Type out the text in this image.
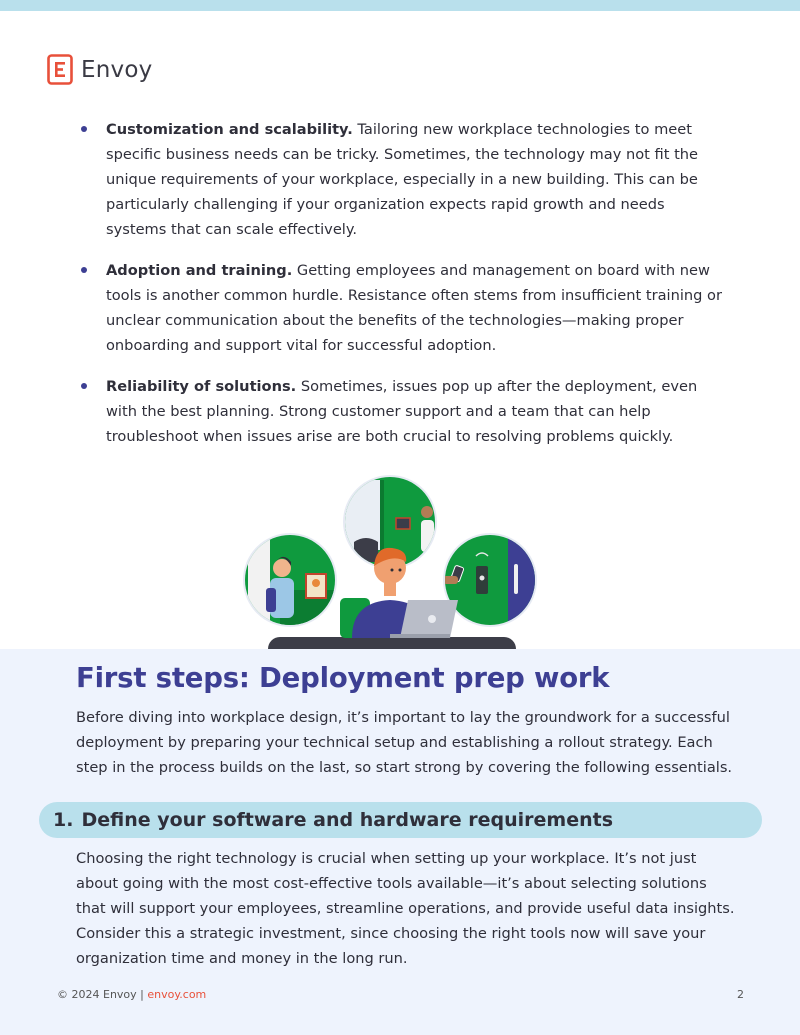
Envoy
Customization and scalability. Tailoring new workplace technologies to meet specific business needs can be tricky. Sometimes, the technology may not fit the unique requirements of your workplace, especially in a new building. This can be particularly challenging if your organization expects rapid growth and needs systems that can scale effectively.
Adoption and training. Getting employees and management on board with new tools is another common hurdle. Resistance often stems from insufficient training or unclear communication about the benefits of the technologies—making proper onboarding and support vital for successful adoption.
Reliability of solutions. Sometimes, issues pop up after the deployment, even with the best planning. Strong customer support and a team that can help troubleshoot when issues arise are both crucial to resolving problems quickly.
First steps: Deployment prep work

Before diving into workplace design, it’s important to lay the groundwork for a successful deployment by preparing your technical setup and establishing a rollout strategy. Each step in the process builds on the last, so start strong by covering the following essentials.

1. Define your software and hardware requirements

Choosing the right technology is crucial when setting up your workplace. It’s not just about going with the most cost-effective tools available—it’s about selecting solutions that will support your employees, streamline operations, and provide useful data insights. Consider this a strategic investment, since choosing the right tools now will save your organization time and money in the long run.

© 2024 Envoy | envoy.com	2
